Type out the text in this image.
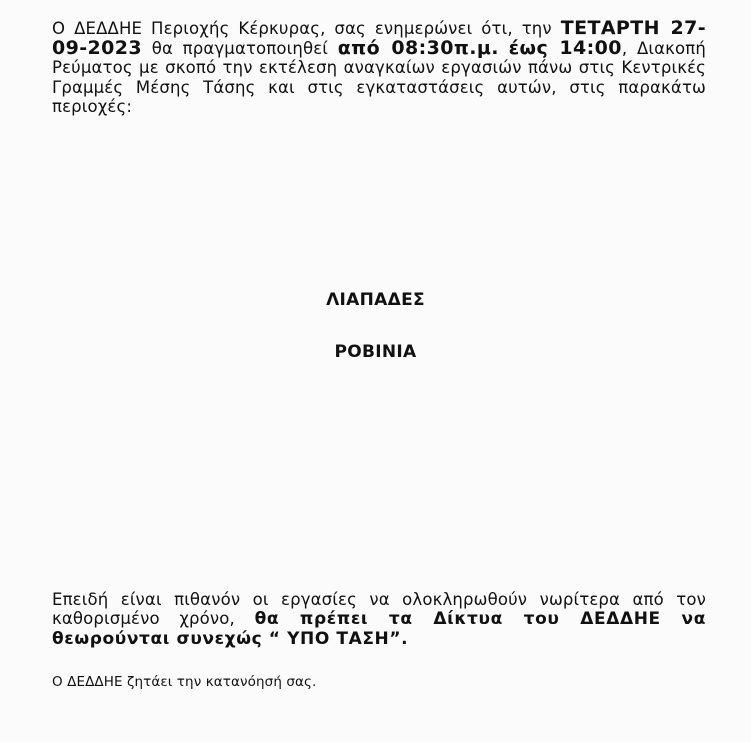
Ο ΔΕΔΔΗΕ Περιοχής Κέρκυρας, σας ενημερώνει ότι, την ΤΕΤΑΡΤΗ 27-09-2023 θα πραγματοποιηθεί από 08:30π.μ. έως 14:00, Διακοπή Ρεύματος με σκοπό την εκτέλεση αναγκαίων εργασιών πάνω στις Κεντρικές Γραμμές Μέσης Τάσης και στις εγκαταστάσεις αυτών, στις παρακάτω περιοχές:
ΛΙΑΠΑΔΕΣ
ΡΟΒΙΝΙΑ
Επειδή είναι πιθανόν οι εργασίες να ολοκληρωθούν νωρίτερα από τον καθορισμένο χρόνο, θα πρέπει τα Δίκτυα του ΔΕΔΔΗΕ να θεωρούνται συνεχώς “ ΥΠΟ ΤΑΣΗ”.
Ο ΔΕΔΔΗΕ ζητάει την κατανόησή σας.
